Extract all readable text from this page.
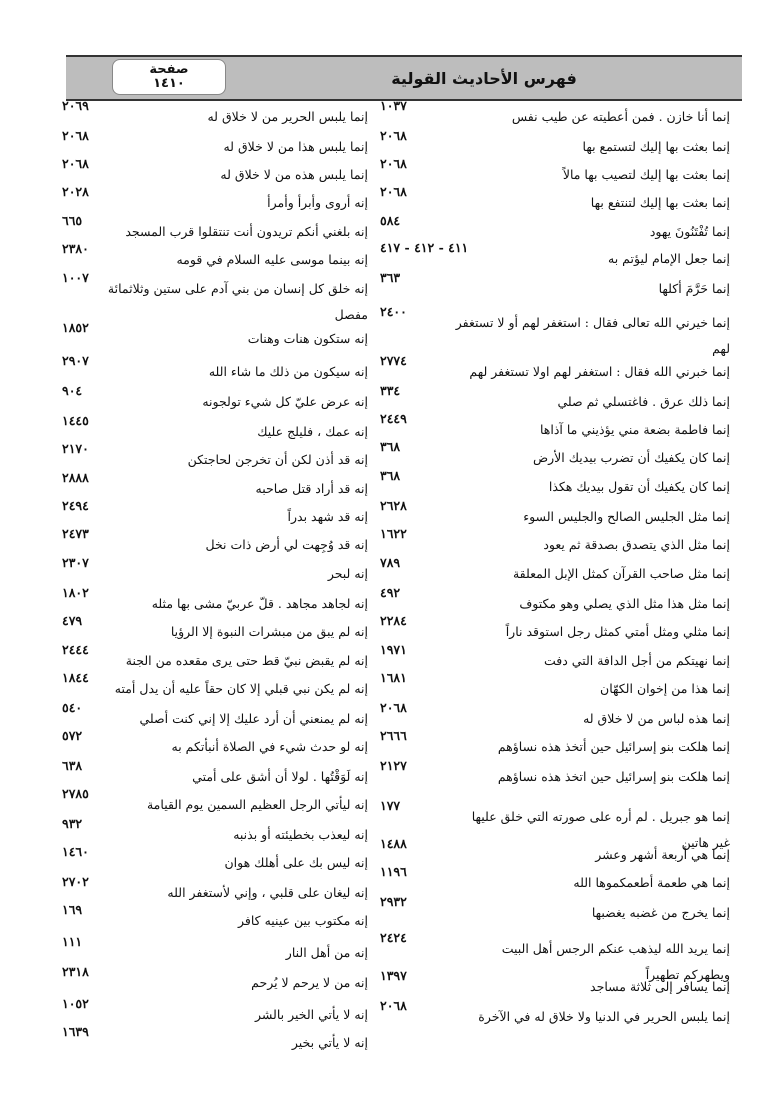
صفحة
١٤١٠	فهرس الأحاديث القولية
١٠٣٧
إنما أنا خازن . فمن أعطيته عن طيب نفس
٢٠٦٨
إنما بعثت بها إليك لتستمع بها
٢٠٦٨
إنما بعثت بها إليك لتصيب بها مالاً
٢٠٦٨
إنما بعثت بها إليك لتنتفع بها
٥٨٤
إنما تُفْتَنُونَ يهود
٤١١ - ٤١٢ - ٤١٧
إنما جعل الإمام ليؤتم به
٣٦٣
إنما حَرَّمَ أكلها
٢٤٠٠
إنما خيرني الله تعالى فقال : استغفر لهم أو لا تستغفر
لهم
٢٧٧٤
إنما خبرني الله فقال : استغفر لهم اولا تستغفر لهم
٣٣٤
إنما ذلك عرق . فاغتسلي ثم صلي
٢٤٤٩
إنما فاطمة بضعة مني يؤذيني ما آذاها
٣٦٨
إنما كان يكفيك أن تضرب بيديك الأرض
٣٦٨
إنما كان يكفيك أن تقول بيديك هكذا
٢٦٢٨
إنما مثل الجليس الصالح والجليس السوء
١٦٢٢
إنما مثل الذي يتصدق بصدقة ثم يعود
٧٨٩
إنما مثل صاحب القرآن كمثل الإبل المعلقة
٤٩٢
إنما مثل هذا مثل الذي يصلي وهو مكتوف
٢٢٨٤
إنما مثلي ومثل أمتي كمثل رجل استوقد ناراً
١٩٧١
إنما نهيتكم من أجل الدافة التي دفت
١٦٨١
إنما هذا من إخوان الكهّان
٢٠٦٨
إنما هذه لباس من لا خلاق له
٢٦٦٦
إنما هلكت بنو إسرائيل حين أتخذ هذه نساؤهم
٢١٢٧
إنما هلكت بنو إسرائيل حين اتخذ هذه نساؤهم
١٧٧
إنما هو جبريل . لم أره على صورته التي خلق عليها
غير هاتين
١٤٨٨
إنما هي أربعة أشهر وعشر
١١٩٦
إنما هي طعمة أطعمكموها الله
٢٩٣٢
إنما يخرج من غضبه يغضبها
٢٤٢٤
إنما يريد الله ليذهب عنكم الرجس أهل البيت
ويطهركم تطهيراً
١٣٩٧
إنما يسافر إلى ثلاثة مساجد
٢٠٦٨
إنما يلبس الحرير في الدنيا ولا خلاق له في الآخرة
٢٠٦٩
إنما يلبس الحرير من لا خلاق له
٢٠٦٨
إنما يلبس هذا من لا خلاق له
٢٠٦٨
إنما يلبس هذه من لا خلاق له
٢٠٢٨
إنه أروى وأبرأ وأمرأ
٦٦٥
إنه بلغني أنكم تريدون أنت تنتقلوا قرب المسجد
٢٣٨٠
إنه بينما موسى عليه السلام في قومه
١٠٠٧
إنه خلق كل إنسان من بني آدم على ستين وثلاثمائة
مفصل
١٨٥٢
إنه ستكون هنات وهنات
٢٩٠٧
إنه سيكون من ذلك ما شاء الله
٩٠٤
إنه عرض عليّ كل شيء تولجونه
١٤٤٥
إنه عمك ، فليلج عليك
٢١٧٠
إنه قد أذن لكن أن تخرجن لحاجتكن
٢٨٨٨
إنه قد أراد قتل صاحبه
٢٤٩٤
إنه قد شهد بدراً
٢٤٧٣
إنه قد وُجِهت لي أرض ذات نخل
٢٣٠٧
إنه لبحر
١٨٠٢
إنه لجاهد مجاهد . قلّ عربيّ مشى بها مثله
٤٧٩
إنه لم يبق من مبشرات النبوة إلا الرؤيا
٢٤٤٤
إنه لم يقبض نبيّ قط حتى يرى مقعده من الجنة
١٨٤٤
إنه لم يكن نبي قبلي إلا كان حقاً عليه أن يدل أمته
٥٤٠
إنه لم يمنعني أن أرد عليك إلا إني كنت أصلي
٥٧٢
إنه لو حدث شيء في الصلاة أنبأتكم به
٦٣٨
إنه لَوَقْتُها . لولا أن أشق على أمتي
٢٧٨٥
إنه ليأتي الرجل العظيم السمين يوم القيامة
٩٣٢
إنه ليعذب بخطيئته أو بذنبه
١٤٦٠
إنه ليس بك على أهلك هوان
٢٧٠٢
إنه ليغان على قلبي ، وإني لأستغفر الله
١٦٩
إنه مكتوب بين عينيه كافر
١١١
إنه من أهل النار
٢٣١٨
إنه من لا يرحم لا يُرحم
١٠٥٢
إنه لا يأتي الخير بالشر
١٦٣٩
إنه لا يأتي بخير
